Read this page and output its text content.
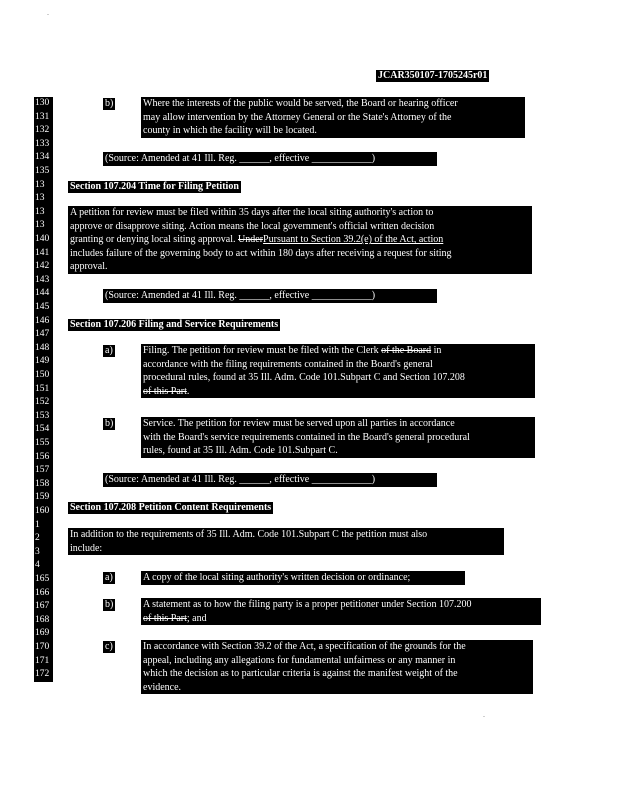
JCAR350107-1705245r01
130
131
132
133
134
135
13
13
13
13
140
141
142
143
144
145
146
147
148
149
150
151
152
153
154
155
156
157
158
159
160
1
2
3
4
165
166
167
168
169
170
171
172
b)	Where the interests of the public would be served, the Board or hearing officer
may allow intervention by the Attorney General or the State's Attorney of the
county in which the facility will be located.
(Source: Amended at 41 Ill. Reg. ______, effective ____________)
Section 107.204 Time for Filing Petition
A petition for review must be filed within 35 days after the local siting authority's action to
approve or disapprove siting. Action means the local government's official written decision
granting or denying local siting approval. UnderPursuant to Section 39.2(e) of the Act, action
includes failure of the governing body to act within 180 days after receiving a request for siting
approval.
(Source: Amended at 41 Ill. Reg. ______, effective ____________)
Section 107.206 Filing and Service Requirements
a)	Filing. The petition for review must be filed with the Clerk of the Board in
accordance with the filing requirements contained in the Board's general
procedural rules, found at 35 Ill. Adm. Code 101.Subpart C and Section 107.208
of this Part.
b)	Service. The petition for review must be served upon all parties in accordance
with the Board's service requirements contained in the Board's general procedural
rules, found at 35 Ill. Adm. Code 101.Subpart C.
(Source: Amended at 41 Ill. Reg. ______, effective ____________)
Section 107.208 Petition Content Requirements
In addition to the requirements of 35 Ill. Adm. Code 101.Subpart C the petition must also
include:
a)	A copy of the local siting authority's written decision or ordinance;
b)	A statement as to how the filing party is a proper petitioner under Section 107.200
of this Part; and
c)	In accordance with Section 39.2 of the Act, a specification of the grounds for the
appeal, including any allegations for fundamental unfairness or any manner in
which the decision as to particular criteria is against the manifest weight of the
evidence.
